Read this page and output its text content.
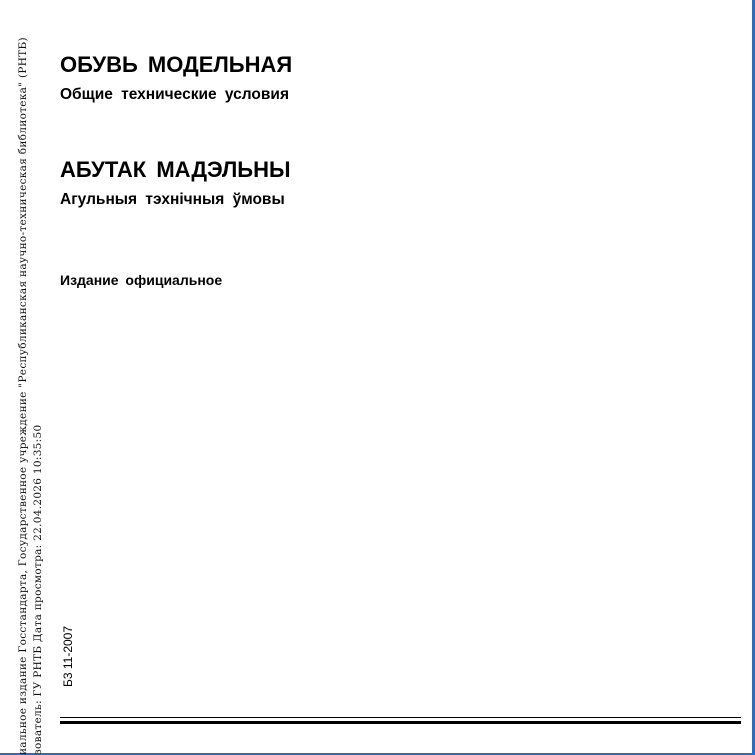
иальное издание Госстандарта, Государственное учреждение "Республиканская научно-техническая библиотека" (РНТБ) зователь: ГУ РНТБ Дата просмотра: 22.04.2026 10:35:50
ОБУВЬ МОДЕЛЬНАЯ
Общие технические условия
АБУТАК МАДЭЛЬНЫ
Агульныя тэхнічныя ўмовы
Издание официальное
Б3 11-2007
